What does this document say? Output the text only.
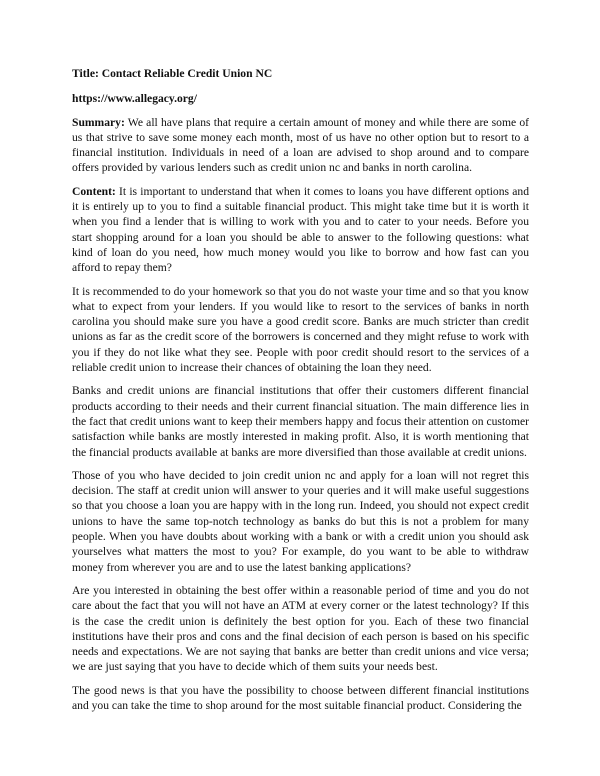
Title: Contact Reliable Credit Union NC
https://www.allegacy.org/

Summary: We all have plans that require a certain amount of money and while there are some of us that strive to save some money each month, most of us have no other option but to resort to a financial institution. Individuals in need of a loan are advised to shop around and to compare offers provided by various lenders such as credit union nc and banks in north carolina.

Content: It is important to understand that when it comes to loans you have different options and it is entirely up to you to find a suitable financial product. This might take time but it is worth it when you find a lender that is willing to work with you and to cater to your needs. Before you start shopping around for a loan you should be able to answer to the following questions: what kind of loan do you need, how much money would you like to borrow and how fast can you afford to repay them?

It is recommended to do your homework so that you do not waste your time and so that you know what to expect from your lenders. If you would like to resort to the services of banks in north carolina you should make sure you have a good credit score. Banks are much stricter than credit unions as far as the credit score of the borrowers is concerned and they might refuse to work with you if they do not like what they see. People with poor credit should resort to the services of a reliable credit union to increase their chances of obtaining the loan they need.

Banks and credit unions are financial institutions that offer their customers different financial products according to their needs and their current financial situation. The main difference lies in the fact that credit unions want to keep their members happy and focus their attention on customer satisfaction while banks are mostly interested in making profit. Also, it is worth mentioning that the financial products available at banks are more diversified than those available at credit unions.

Those of you who have decided to join credit union nc and apply for a loan will not regret this decision. The staff at credit union will answer to your queries and it will make useful suggestions so that you choose a loan you are happy with in the long run. Indeed, you should not expect credit unions to have the same top-notch technology as banks do but this is not a problem for many people. When you have doubts about working with a bank or with a credit union you should ask yourselves what matters the most to you? For example, do you want to be able to withdraw money from wherever you are and to use the latest banking applications?

Are you interested in obtaining the best offer within a reasonable period of time and you do not care about the fact that you will not have an ATM at every corner or the latest technology? If this is the case the credit union is definitely the best option for you. Each of these two financial institutions have their pros and cons and the final decision of each person is based on his specific needs and expectations. We are not saying that banks are better than credit unions and vice versa; we are just saying that you have to decide which of them suits your needs best.

The good news is that you have the possibility to choose between different financial institutions and you can take the time to shop around for the most suitable financial product. Considering the
